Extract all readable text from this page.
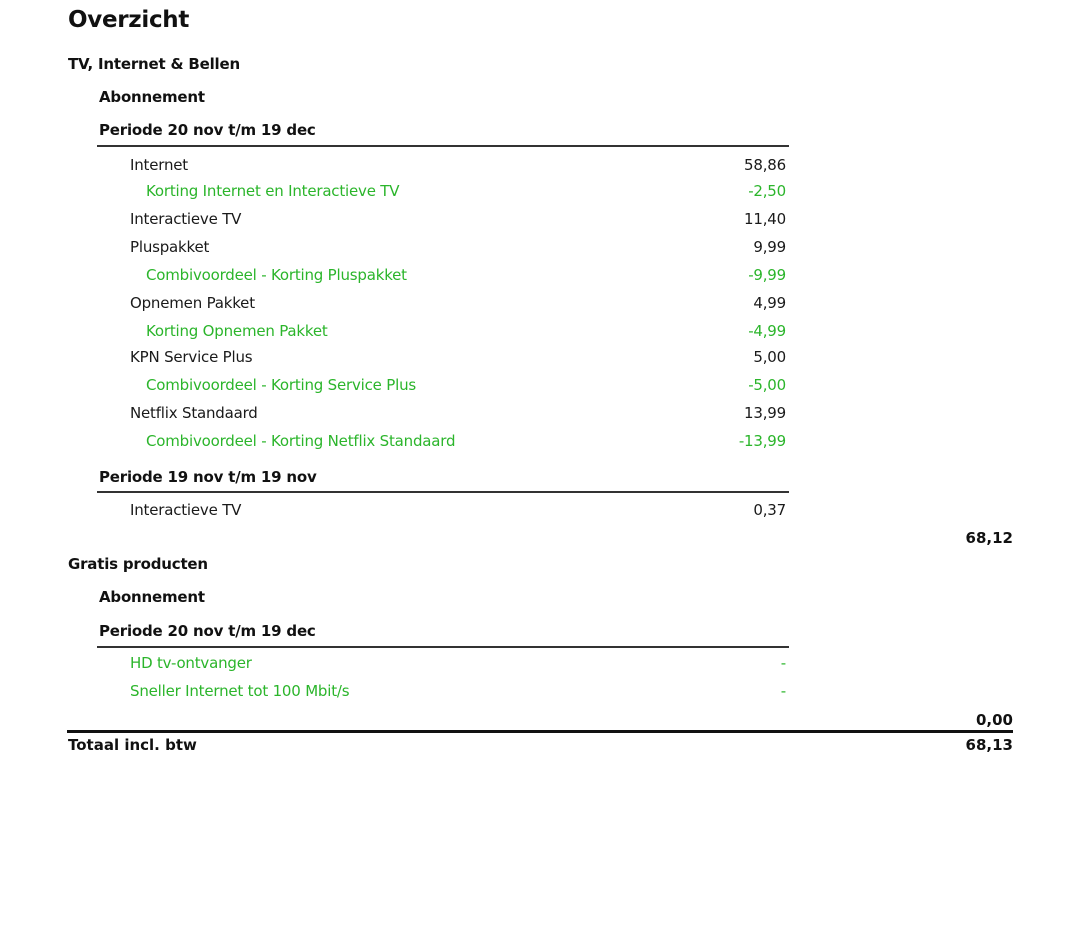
Overzicht
TV, Internet & Bellen
Abonnement
Periode 20 nov t/m 19 dec
Internet	58,86
Korting Internet en Interactieve TV	-2,50
Interactieve TV	11,40
Pluspakket	9,99
Combivoordeel - Korting Pluspakket	-9,99
Opnemen Pakket	4,99
Korting Opnemen Pakket	-4,99
KPN Service Plus	5,00
Combivoordeel - Korting Service Plus	-5,00
Netflix Standaard	13,99
Combivoordeel - Korting Netflix Standaard	-13,99
Periode 19 nov t/m 19 nov
Interactieve TV	0,37
68,12
Gratis producten
Abonnement
Periode 20 nov t/m 19 dec
HD tv-ontvanger	-
Sneller Internet tot 100 Mbit/s	-
0,00
Totaal incl. btw	68,13
